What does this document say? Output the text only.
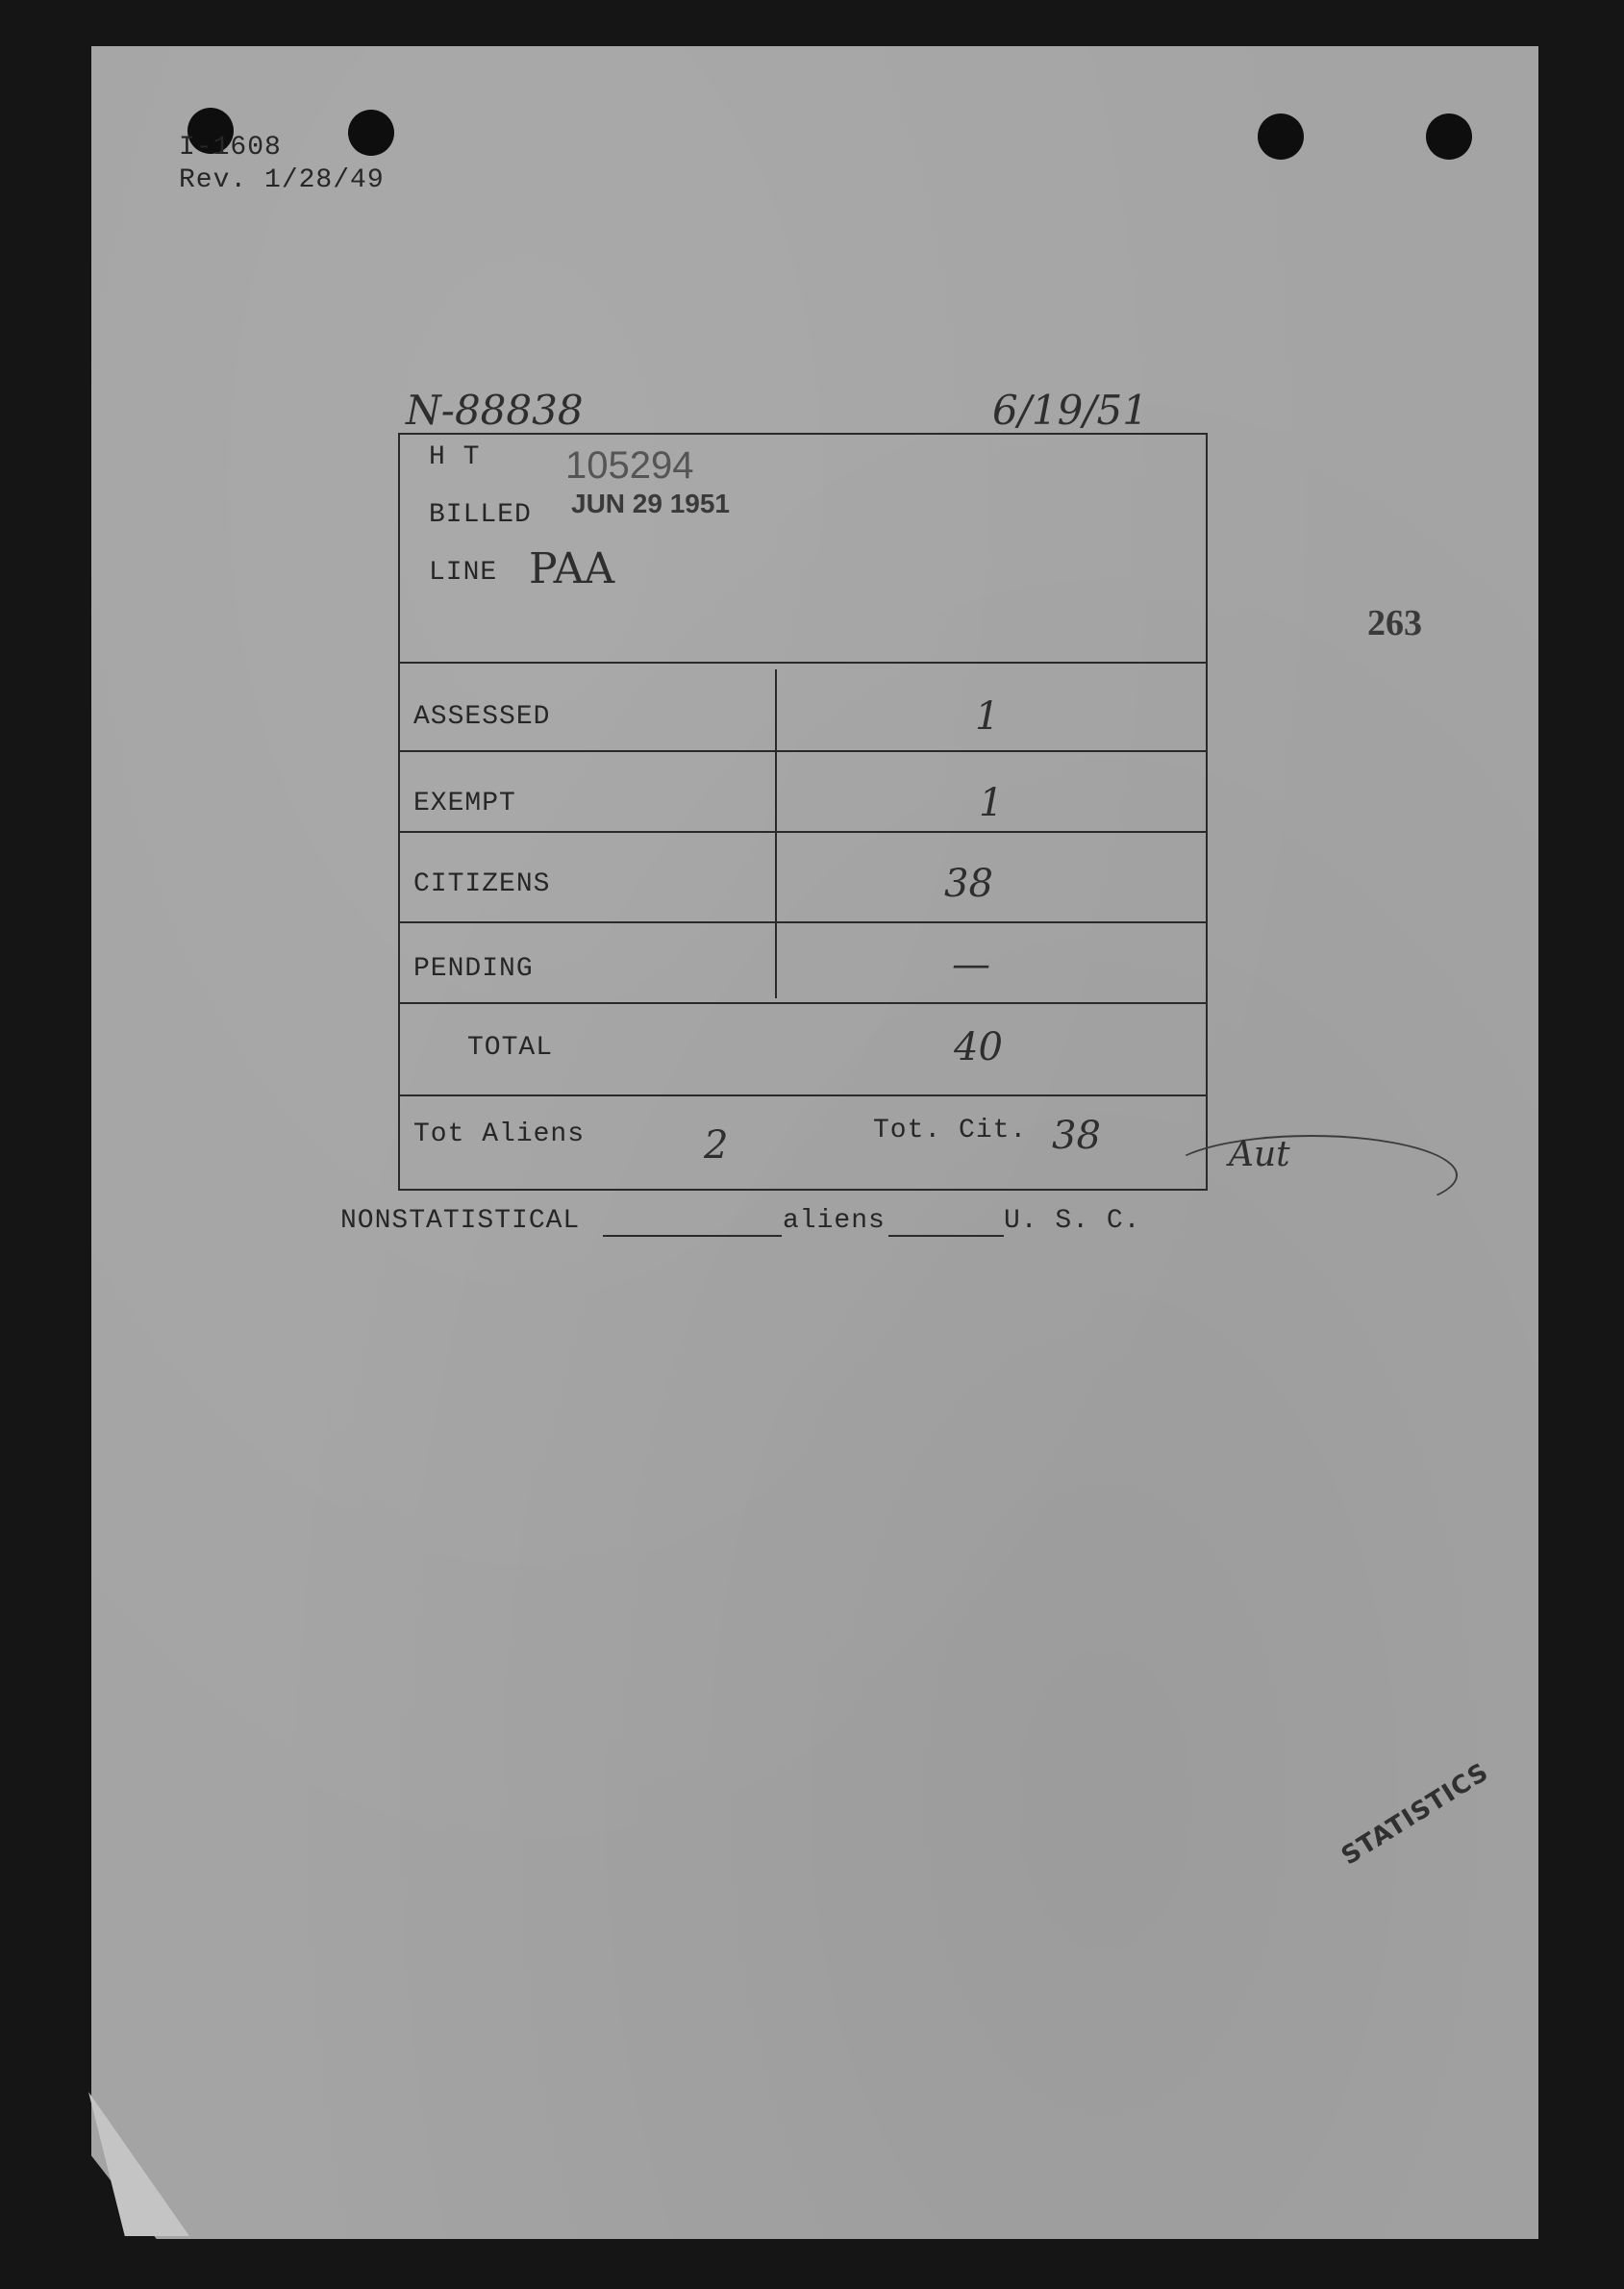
I-1608
Rev. 1/28/49
N-88838	6/19/51
263
H T 105294
BILLED JUN 29 1951
LINE PAA
ASSESSED	1
EXEMPT	1
CITIZENS	38
PENDING	—
TOTAL	40
Tot Aliens	2	Tot. Cit. 38	Aut
NONSTATISTICAL	aliens	U. S. C.
STATISTICS
